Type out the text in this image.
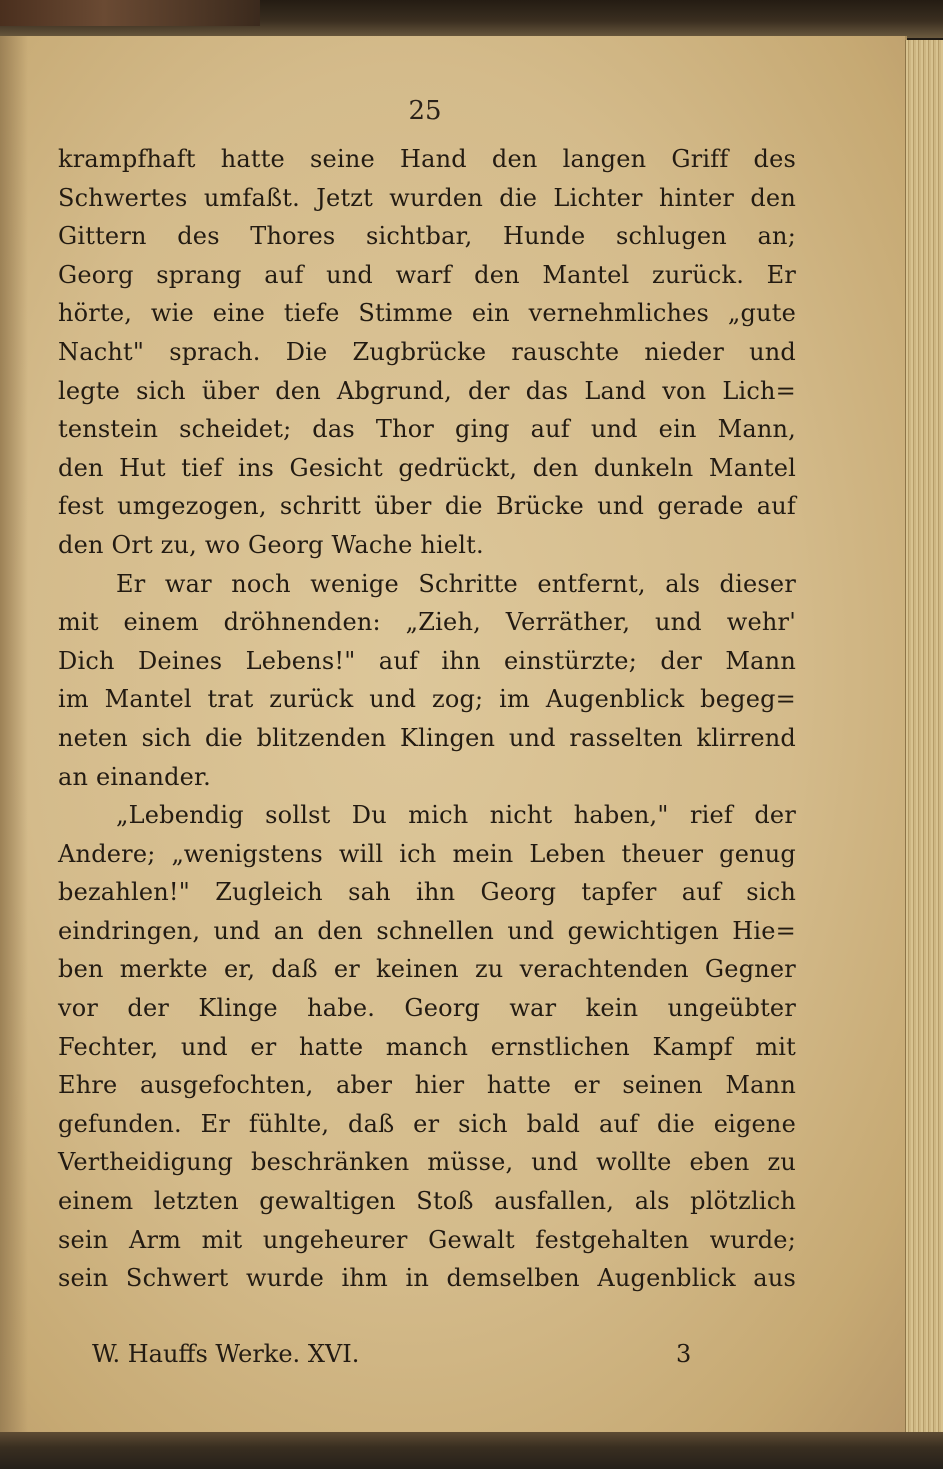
25
krampfhaft hatte seine Hand den langen Griff des
Schwertes umfaßt. Jetzt wurden die Lichter hinter den
Gittern des Thores sichtbar, Hunde schlugen an;
Georg sprang auf und warf den Mantel zurück. Er
hörte, wie eine tiefe Stimme ein vernehmliches „gute
Nacht" sprach. Die Zugbrücke rauschte nieder und
legte sich über den Abgrund, der das Land von Lich=
tenstein scheidet; das Thor ging auf und ein Mann,
den Hut tief ins Gesicht gedrückt, den dunkeln Mantel
fest umgezogen, schritt über die Brücke und gerade auf
den Ort zu, wo Georg Wache hielt.
Er war noch wenige Schritte entfernt, als dieser
mit einem dröhnenden: „Zieh, Verräther, und wehr'
Dich Deines Lebens!" auf ihn einstürzte; der Mann
im Mantel trat zurück und zog; im Augenblick begeg=
neten sich die blitzenden Klingen und rasselten klirrend
an einander.
„Lebendig sollst Du mich nicht haben," rief der
Andere; „wenigstens will ich mein Leben theuer genug
bezahlen!" Zugleich sah ihn Georg tapfer auf sich
eindringen, und an den schnellen und gewichtigen Hie=
ben merkte er, daß er keinen zu verachtenden Gegner
vor der Klinge habe. Georg war kein ungeübter
Fechter, und er hatte manch ernstlichen Kampf mit
Ehre ausgefochten, aber hier hatte er seinen Mann
gefunden. Er fühlte, daß er sich bald auf die eigene
Vertheidigung beschränken müsse, und wollte eben zu
einem letzten gewaltigen Stoß ausfallen, als plötzlich
sein Arm mit ungeheurer Gewalt festgehalten wurde;
sein Schwert wurde ihm in demselben Augenblick aus
W. Hauffs Werke. XVI.	3
